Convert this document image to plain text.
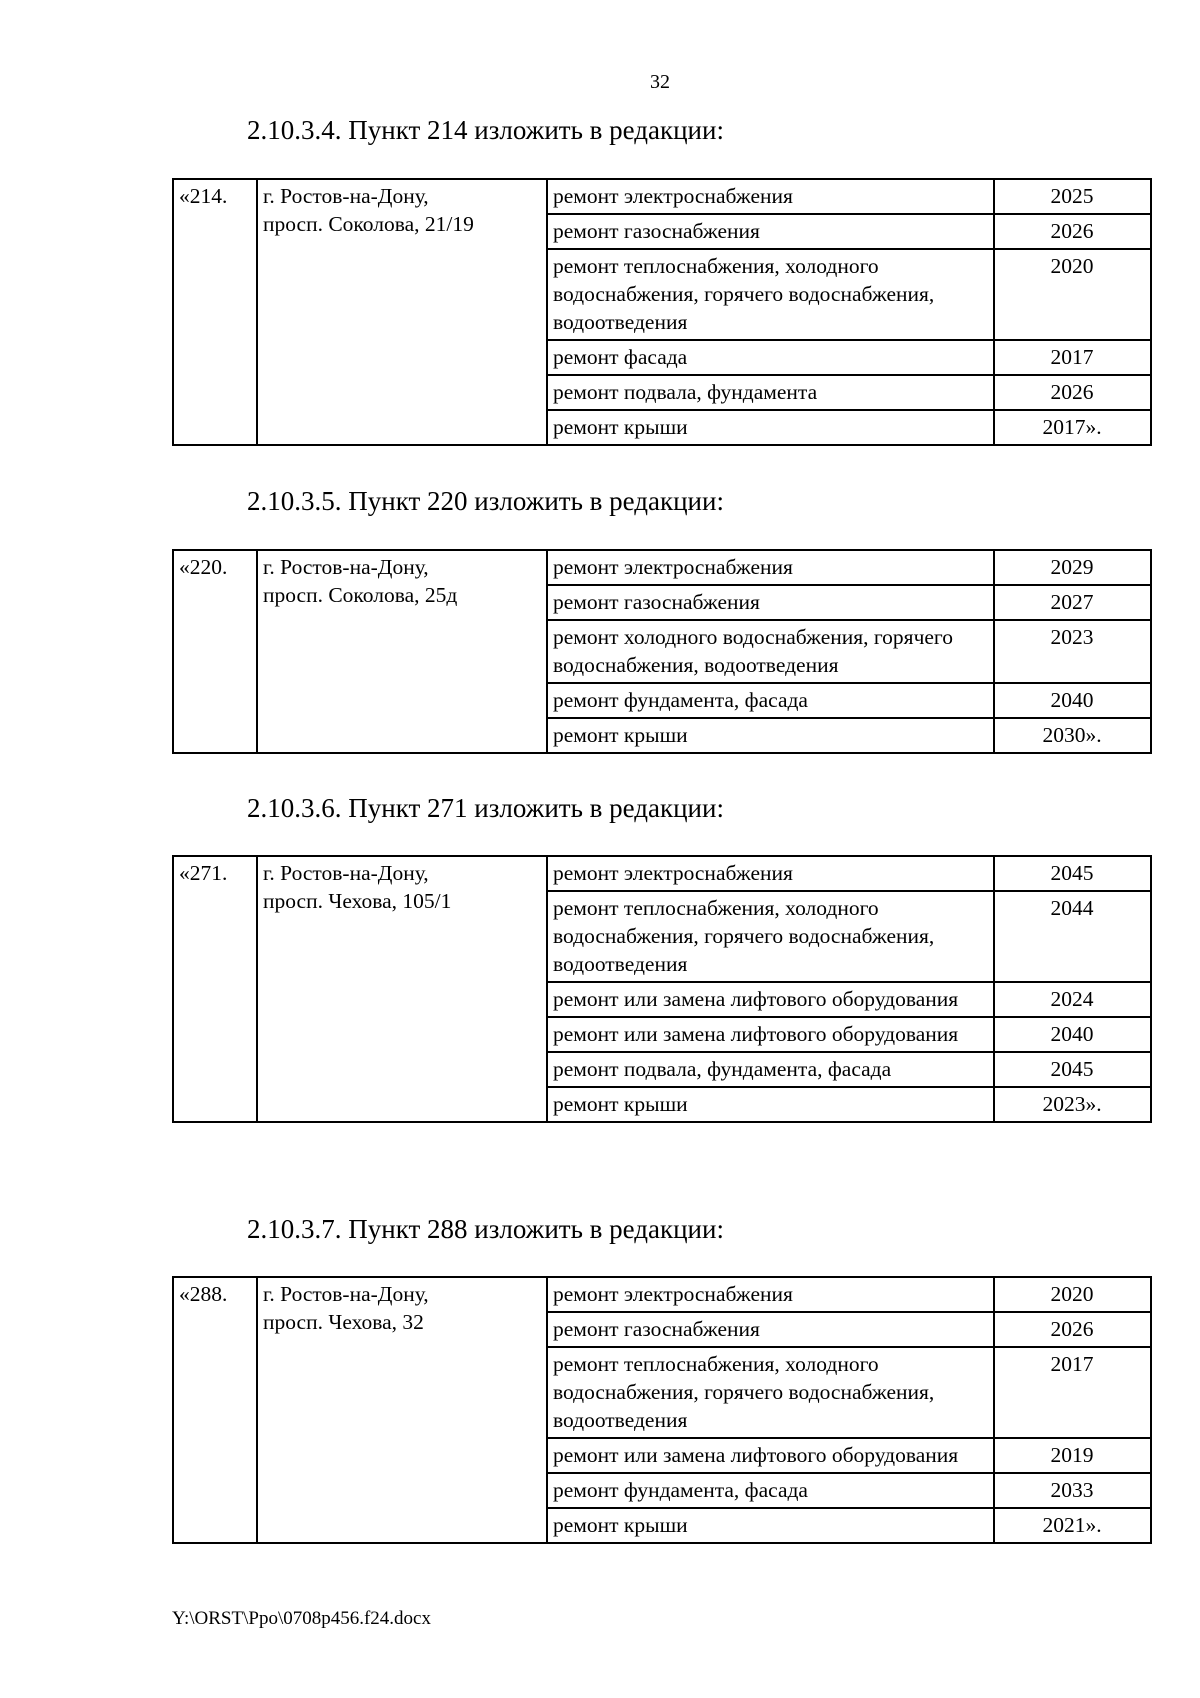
32
2.10.3.4. Пункт 214 изложить в редакции:
«214.	г. Ростов-на-Дону,
просп. Соколова, 21/19	ремонт электроснабжения	2025
		ремонт газоснабжения	2026
		ремонт теплоснабжения, холодного водоснабжения, горячего водоснабжения, водоотведения	2020
		ремонт фасада	2017
		ремонт подвала, фундамента	2026
		ремонт крыши	2017».
2.10.3.5. Пункт 220 изложить в редакции:
«220.	г. Ростов-на-Дону,
просп. Соколова, 25д	ремонт электроснабжения	2029
		ремонт газоснабжения	2027
		ремонт холодного водоснабжения, горячего водоснабжения, водоотведения	2023
		ремонт фундамента, фасада	2040
		ремонт крыши	2030».
2.10.3.6. Пункт 271 изложить в редакции:
«271.	г. Ростов-на-Дону,
просп. Чехова, 105/1	ремонт электроснабжения	2045
		ремонт теплоснабжения, холодного водоснабжения, горячего водоснабжения, водоотведения	2044
		ремонт или замена лифтового оборудования	2024
		ремонт или замена лифтового оборудования	2040
		ремонт подвала, фундамента, фасада	2045
		ремонт крыши	2023».
2.10.3.7. Пункт 288 изложить в редакции:
«288.	г. Ростов-на-Дону,
просп. Чехова, 32	ремонт электроснабжения	2020
		ремонт газоснабжения	2026
		ремонт теплоснабжения, холодного водоснабжения, горячего водоснабжения, водоотведения	2017
		ремонт или замена лифтового оборудования	2019
		ремонт фундамента, фасада	2033
		ремонт крыши	2021».
Y:\ORST\Ppo\0708p456.f24.docx
